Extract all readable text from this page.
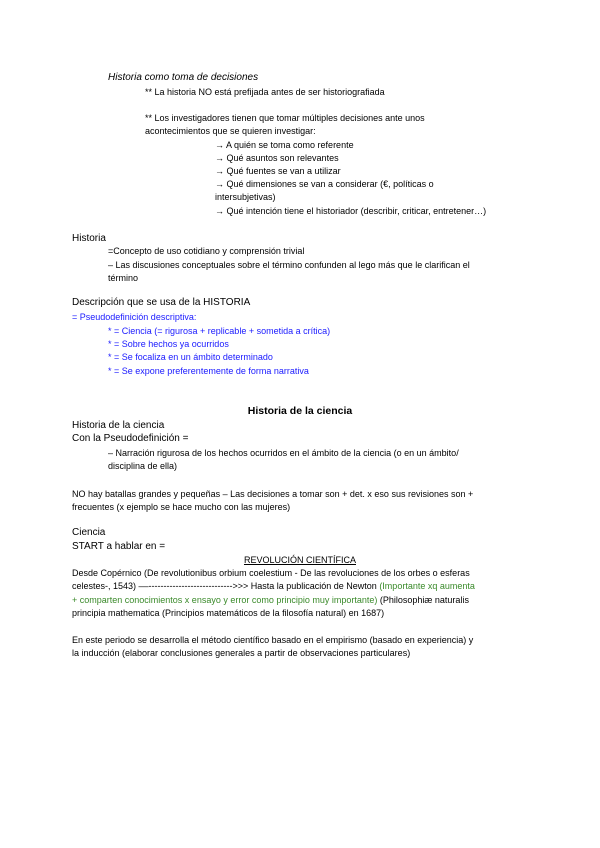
Historia como toma de decisiones
** La historia NO está prefijada antes de ser historiografiada
** Los investigadores tienen que tomar múltiples decisiones ante unos
acontecimientos que se quieren investigar:
→ A quién se toma como referente
→ Qué asuntos son relevantes
→ Qué fuentes se van a utilizar
→ Qué dimensiones se van a considerar (€, políticas o
intersubjetivas)
→ Qué intención tiene el historiador (describir, criticar, entretener…)
Historia
=Concepto de uso cotidiano y comprensión trivial
– Las discusiones conceptuales sobre el término confunden al lego más que le clarifican el
término
Descripción que se usa de la HISTORIA
= Pseudodefinición descriptiva:
* = Ciencia (= rigurosa + replicable + sometida a crítica)
* = Sobre hechos ya ocurridos
* = Se focaliza en un ámbito determinado
* = Se expone preferentemente de forma narrativa
Historia de la ciencia
Historia de la ciencia
Con la Pseudodefinición =
– Narración rigurosa de los hechos ocurridos en el ámbito de la ciencia (o en un ámbito/
disciplina de ella)
NO hay batallas grandes y pequeñas – Las decisiones a tomar son + det. x eso sus revisiones son +
frecuentes (x ejemplo se hace mucho con las mujeres)
Ciencia
START a hablar en =
REVOLUCIÓN CIENTÍFICA
Desde Copérnico (De revolutionibus orbium coelestium - De las revoluciones de los orbes o esferas
celestes-, 1543) ––---------------------------->>> Hasta la publicación de Newton (Importante xq aumenta
+ comparten conocimientos x ensayo y error como principio muy importante) (Philosophiæ naturalis
principia mathematica (Principios matemáticos de la filosofía natural) en 1687)
En este periodo se desarrolla el método científico basado en el empirismo (basado en experiencia) y
la inducción (elaborar conclusiones generales a partir de observaciones particulares)
